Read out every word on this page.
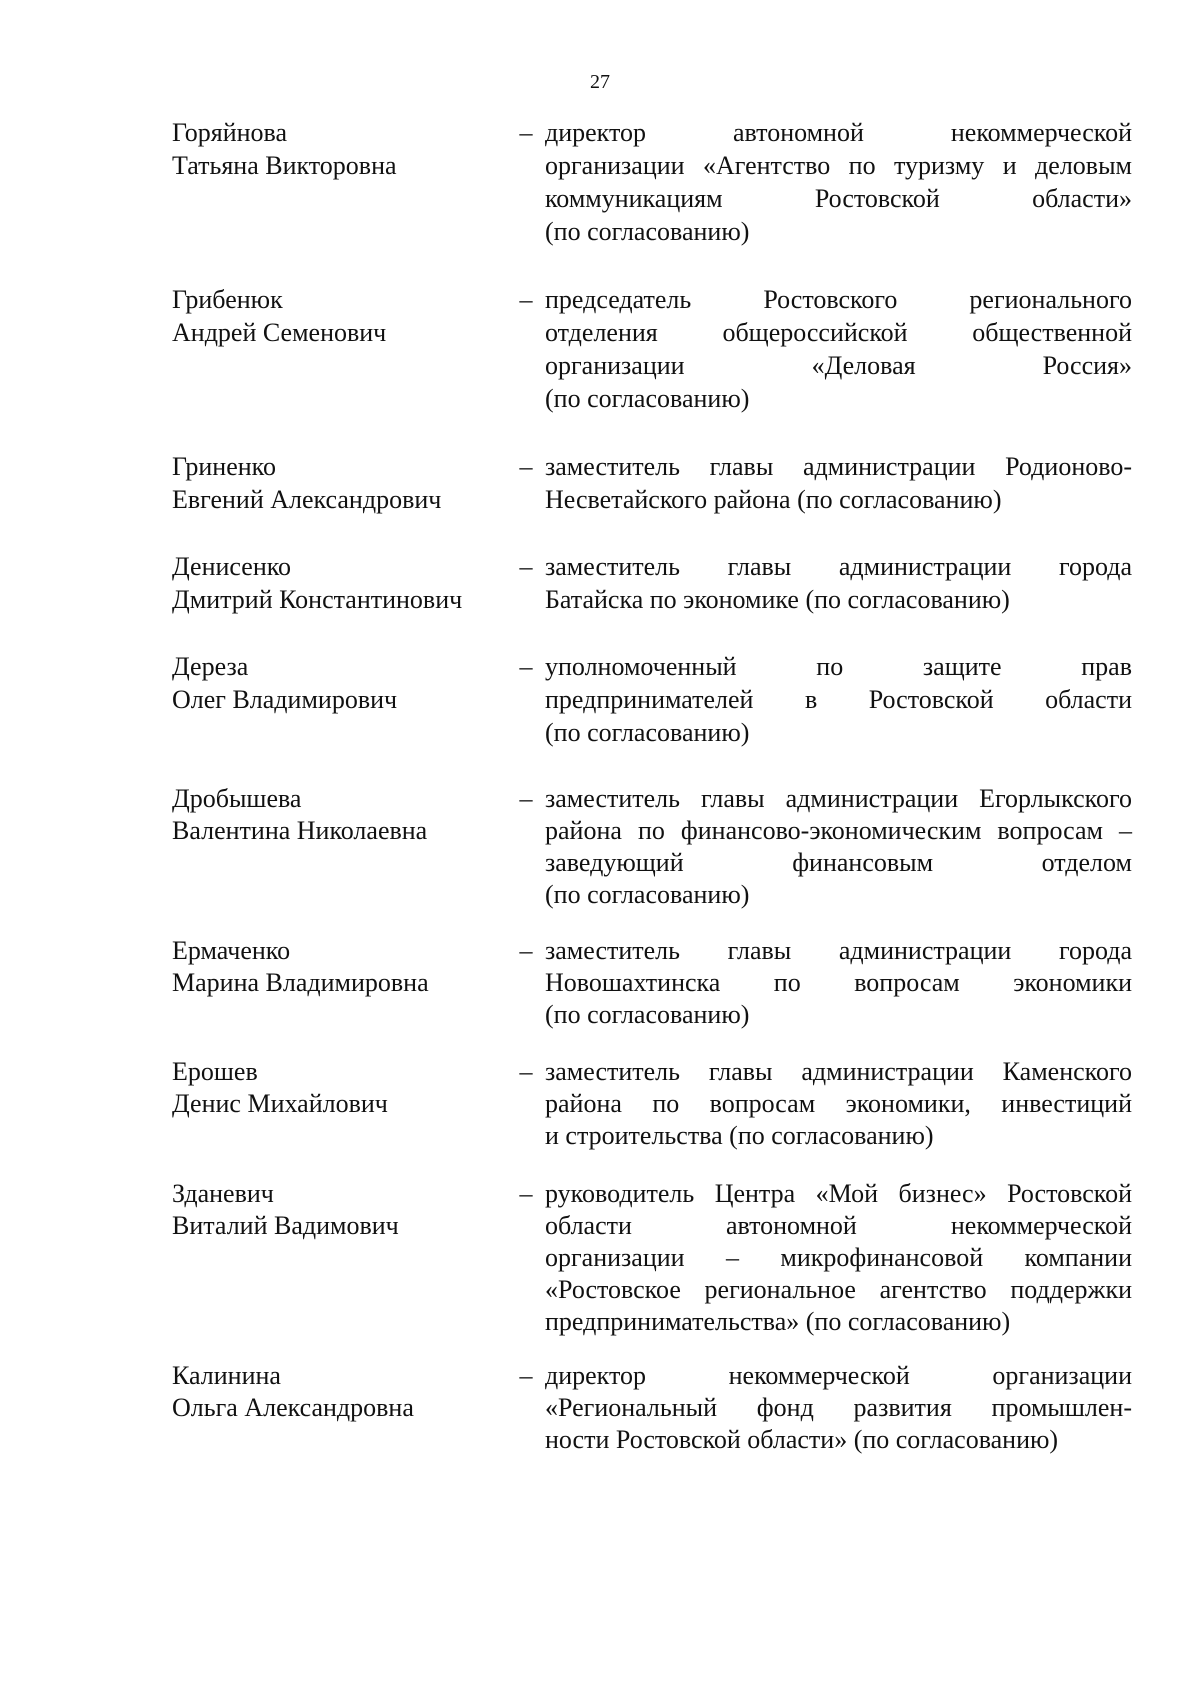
27
Горяйнова
Татьяна Викторовна
– директор автономной некоммерческой
организации «Агентство по туризму и деловым
коммуникациям Ростовской области»
(по согласованию)
Грибенюк
Андрей Семенович
– председатель Ростовского регионального
отделения общероссийской общественной
организации «Деловая Россия»
(по согласованию)
Гриненко
Евгений Александрович
– заместитель главы администрации Родионово-
Несветайского района (по согласованию)
Денисенко
Дмитрий Константинович
– заместитель главы администрации города
Батайска по экономике (по согласованию)
Дереза
Олег Владимирович
– уполномоченный по защите прав
предпринимателей в Ростовской области
(по согласованию)
Дробышева
Валентина Николаевна
– заместитель главы администрации Егорлыкского
района по финансово-экономическим вопросам –
заведующий финансовым отделом
(по согласованию)
Ермаченко
Марина Владимировна
– заместитель главы администрации города
Новошахтинска по вопросам экономики
(по согласованию)
Ерошев
Денис Михайлович
– заместитель главы администрации Каменского
района по вопросам экономики, инвестиций
и строительства (по согласованию)
Зданевич
Виталий Вадимович
– руководитель Центра «Мой бизнес» Ростовской
области автономной некоммерческой
организации – микрофинансовой компании
«Ростовское региональное агентство поддержки
предпринимательства» (по согласованию)
Калинина
Ольга Александровна
– директор некоммерческой организации
«Региональный фонд развития промышлен-
ности Ростовской области» (по согласованию)
